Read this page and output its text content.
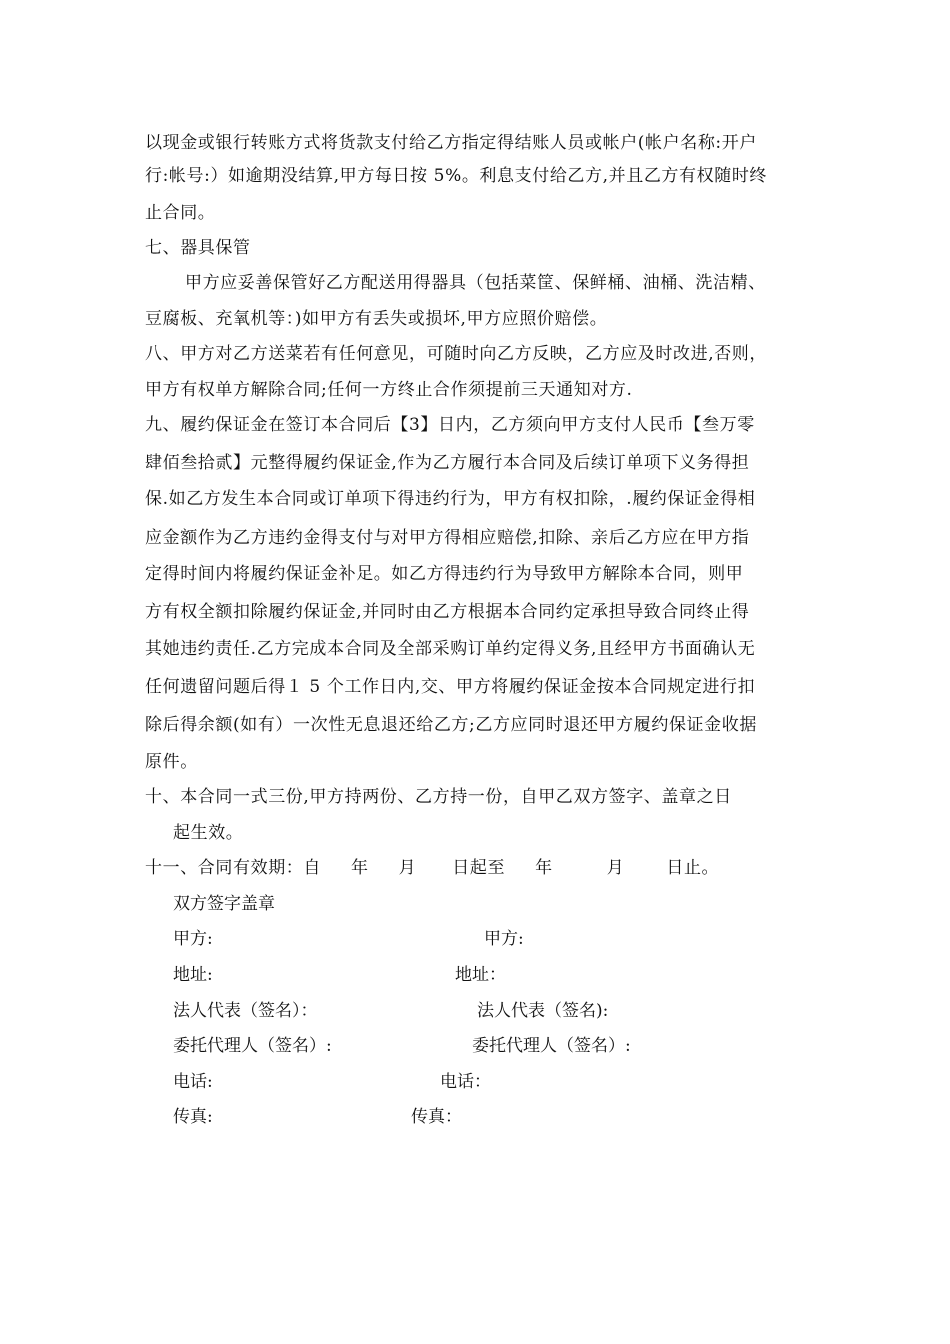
以现金或银行转账方式将货款支付给乙方指定得结账人员或帐户(帐户名称:开户
行:帐号:）如逾期没结算,甲方每日按 5%。利息支付给乙方,并且乙方有权随时终
止合同。
七、器具保管
甲方应妥善保管好乙方配送用得器具（包括菜筐、保鲜桶、油桶、洗洁精、
豆腐板、充氧机等：)如甲方有丢失或损坏,甲方应照价赔偿。
八、甲方对乙方送菜若有任何意见，可随时向乙方反映，乙方应及时改进,否则，
甲方有权单方解除合同;任何一方终止合作须提前三天通知对方.
九、履约保证金在签订本合同后【3】日内，乙方须向甲方支付人民币【叁万零
肆佰叁拾贰】元整得履约保证金,作为乙方履行本合同及后续订单项下义务得担
保.如乙方发生本合同或订单项下得违约行为，甲方有权扣除，.履约保证金得相
应金额作为乙方违约金得支付与对甲方得相应赔偿,扣除、亲后乙方应在甲方指
定得时间内将履约保证金补足。如乙方得违约行为导致甲方解除本合同，则甲
方有权全额扣除履约保证金,并同时由乙方根据本合同约定承担导致合同终止得
其她违约责任.乙方完成本合同及全部采购订单约定得义务,且经甲方书面确认无
任何遗留问题后得１ 5 个工作日内,交、甲方将履约保证金按本合同规定进行扣
除后得余额(如有）一次性无息退还给乙方;乙方应同时退还甲方履约保证金收据
原件。
十、本合同一式三份,甲方持两份、乙方持一份，自甲乙双方签字、盖章之日
起生效。
十一、合同有效期：自     年     月      日起至     年         月       日止。
双方签字盖章
甲方:	甲方:
地址:	地址：
法人代表（签名）：	法人代表（签名):
委托代理人（签名）:	委托代理人（签名）:
电话:	电话：
传真:	传真：
